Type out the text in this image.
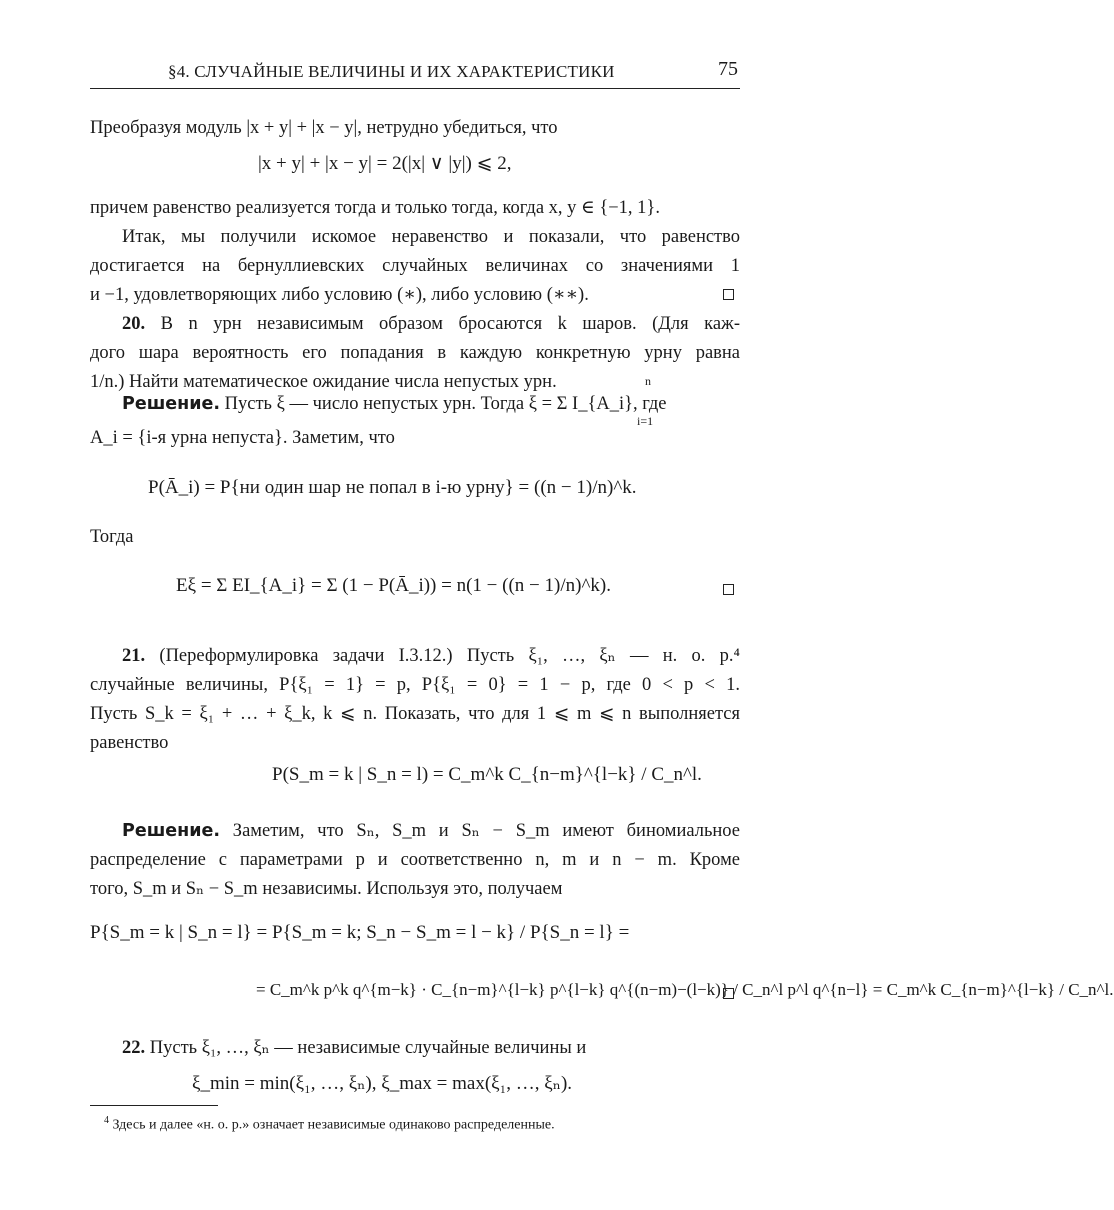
§4. СЛУЧАЙНЫЕ ВЕЛИЧИНЫ И ИХ ХАРАКТЕРИСТИКИ	75
Преобразуя модуль |x + y| + |x − y|, нетрудно убедиться, что
|x + y| + |x − y| = 2(|x| ∨ |y|) ⩽ 2,
причем равенство реализуется тогда и только тогда, когда x, y ∈ {−1, 1}.
Итак, мы получили искомое неравенство и показали, что равенство
достигается на бернуллиевских случайных величинах со значениями 1
и −1, удовлетворяющих либо условию (∗), либо условию (∗∗).
20. В n урн независимым образом бросаются k шаров. (Для каж-
дого шара вероятность его попадания в каждую конкретную урну равна
1/n.) Найти математическое ожидание числа непустых урн.
Решение. Пусть ξ — число непустых урн. Тогда ξ = Σ I_{A_i}, где
n
i=1
A_i = {i-я урна непуста}. Заметим, что
P(Ā_i) = P{ни один шар не попал в i-ю урну} = ((n − 1)/n)^k.
Тогда
Eξ = Σ EI_{A_i} = Σ (1 − P(Ā_i)) = n(1 − ((n − 1)/n)^k).
21. (Переформулировка задачи I.3.12.) Пусть ξ₁, …, ξₙ — н. о. р.⁴
случайные величины, P{ξ₁ = 1} = p, P{ξ₁ = 0} = 1 − p, где 0 < p < 1.
Пусть S_k = ξ₁ + … + ξ_k, k ⩽ n. Показать, что для 1 ⩽ m ⩽ n выполняется
равенство
P(S_m = k | S_n = l) = C_m^k C_{n−m}^{l−k} / C_n^l.
Решение. Заметим, что Sₙ, S_m и Sₙ − S_m имеют биномиальное
распределение с параметрами p и соответственно n, m и n − m. Кроме
того, S_m и Sₙ − S_m независимы. Используя это, получаем
P{S_m = k | S_n = l} = P{S_m = k; S_n − S_m = l − k} / P{S_n = l} =
= C_m^k p^k q^{m−k} · C_{n−m}^{l−k} p^{l−k} q^{(n−m)−(l−k)} / C_n^l p^l q^{n−l} = C_m^k C_{n−m}^{l−k} / C_n^l.
22. Пусть ξ₁, …, ξₙ — независимые случайные величины и
ξ_min = min(ξ₁, …, ξₙ), ξ_max = max(ξ₁, …, ξₙ).
$^4$ Здесь и далее «н. о. р.» означает независимые одинаково распределенные.
